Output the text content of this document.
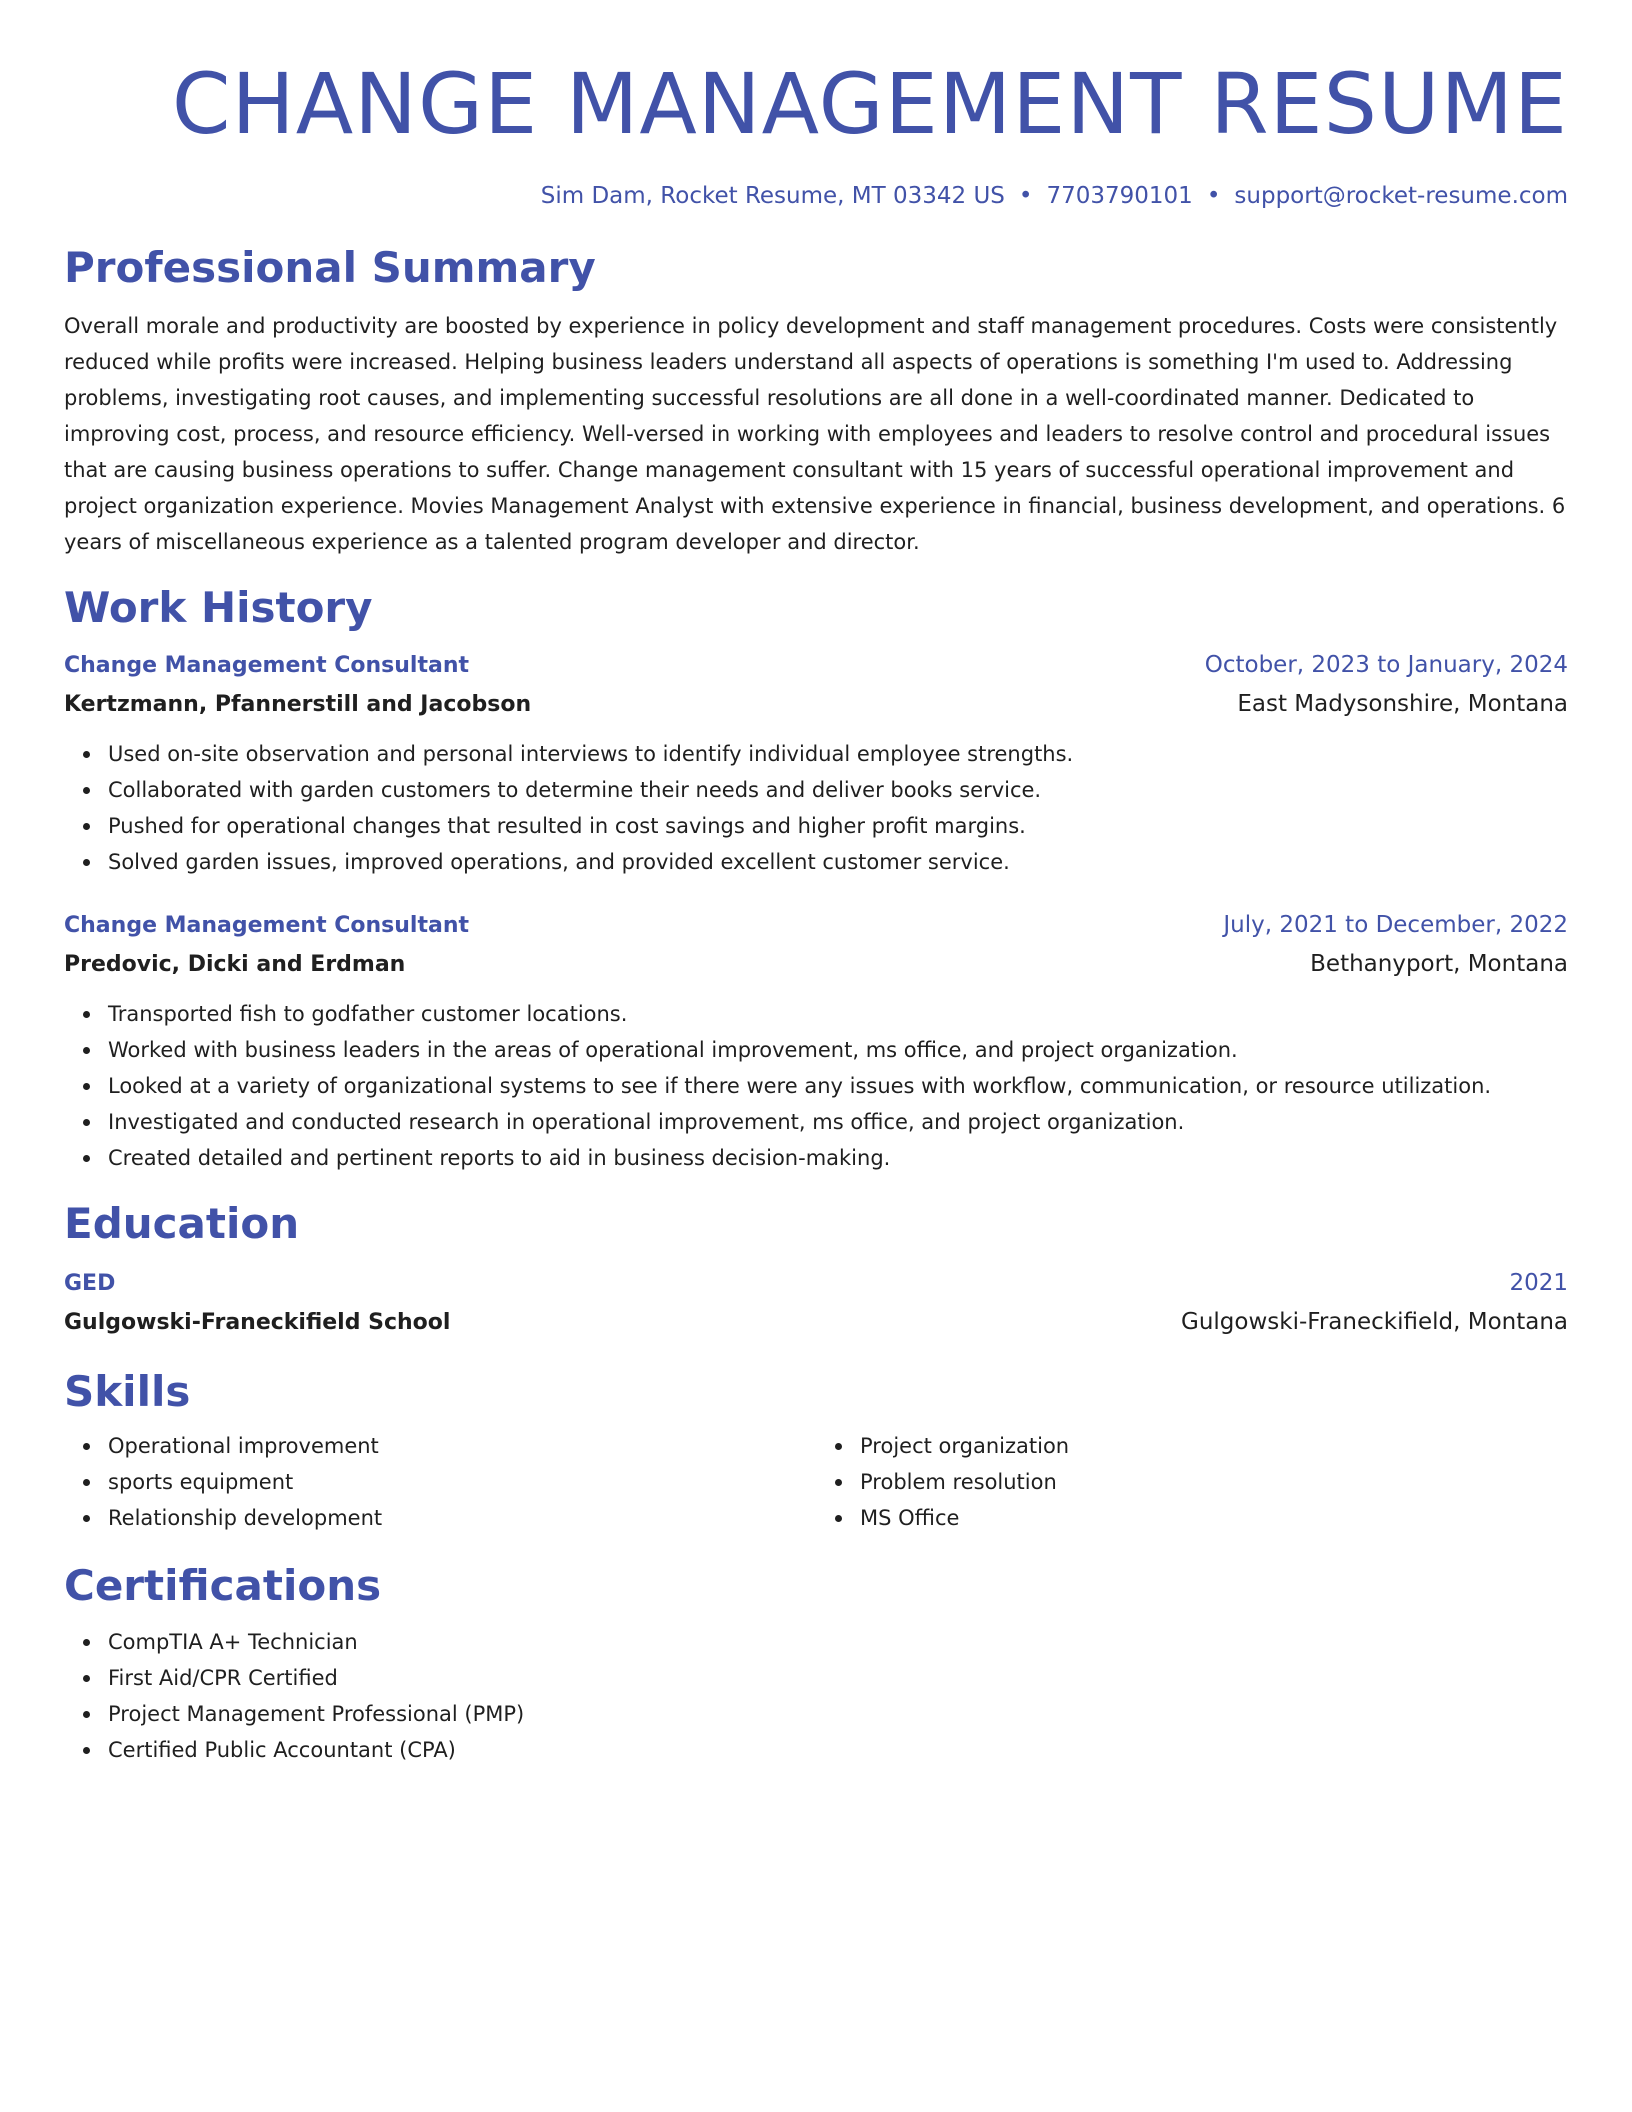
CHANGE MANAGEMENT RESUME
Sim Dam, Rocket Resume, MT 03342 US • 7703790101 • support@rocket-resume.com
Professional Summary

Overall morale and productivity are boosted by experience in policy development and staff management procedures. Costs were consistently reduced while profits were increased. Helping business leaders understand all aspects of operations is something I'm used to. Addressing problems, investigating root causes, and implementing successful resolutions are all done in a well-coordinated manner. Dedicated to improving cost, process, and resource efficiency. Well-versed in working with employees and leaders to resolve control and procedural issues that are causing business operations to suffer. Change management consultant with 15 years of successful operational improvement and project organization experience. Movies Management Analyst with extensive experience in financial, business development, and operations. 6 years of miscellaneous experience as a talented program developer and director.

Work History
Change Management Consultant	October, 2023 to January, 2024
Kertzmann, Pfannerstill and Jacobson	East Madysonshire, Montana
Used on-site observation and personal interviews to identify individual employee strengths.
Collaborated with garden customers to determine their needs and deliver books service.
Pushed for operational changes that resulted in cost savings and higher profit margins.
Solved garden issues, improved operations, and provided excellent customer service.
Change Management Consultant	July, 2021 to December, 2022
Predovic, Dicki and Erdman	Bethanyport, Montana
Transported fish to godfather customer locations.
Worked with business leaders in the areas of operational improvement, ms office, and project organization.
Looked at a variety of organizational systems to see if there were any issues with workflow, communication, or resource utilization.
Investigated and conducted research in operational improvement, ms office, and project organization.
Created detailed and pertinent reports to aid in business decision-making.
Education
GED	2021
Gulgowski-Franeckifield School	Gulgowski-Franeckifield, Montana
Skills
Operational improvement
sports equipment
Relationship development
Project organization
Problem resolution
MS Office
Certifications
CompTIA A+ Technician
First Aid/CPR Certified
Project Management Professional (PMP)
Certified Public Accountant (CPA)
